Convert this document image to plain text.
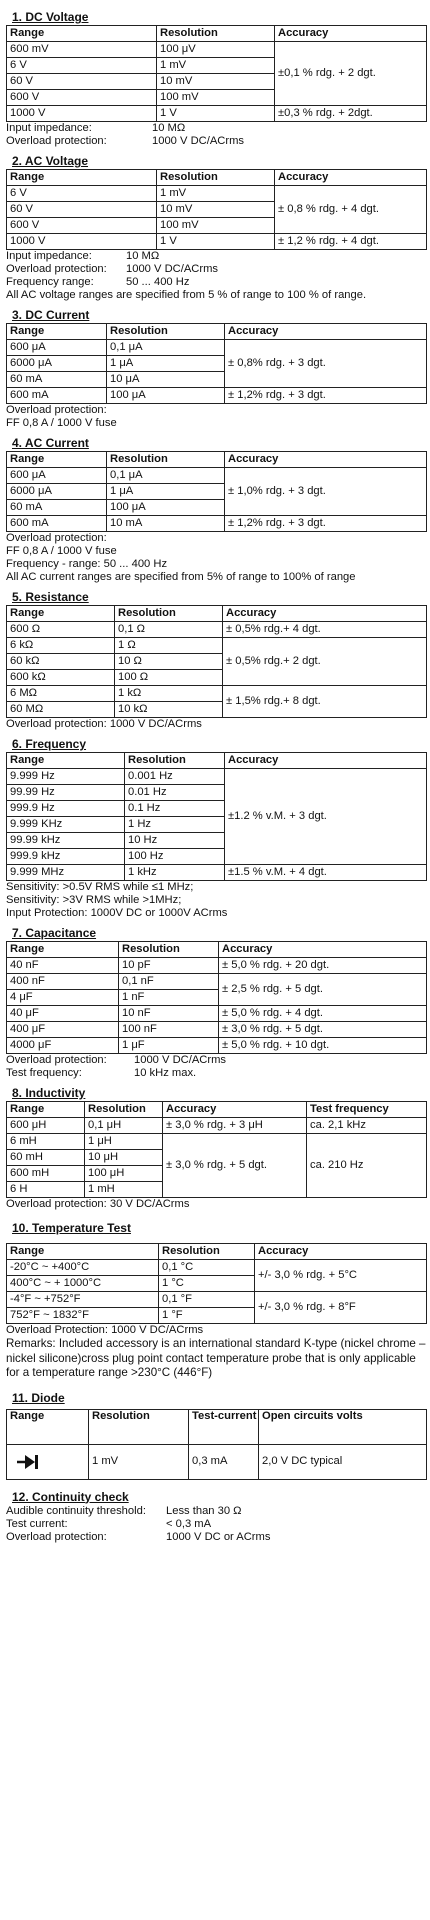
1. DC Voltage
Range	Resolution	Accuracy
600 mV	100 μV	±0,1 % rdg. + 2 dgt.
6 V	1 mV	
60 V	10 mV	
600 V	100 mV	
1000 V	1 V	±0,3 % rdg. + 2dgt.
Input impedance:	10 MΩ
Overload protection:	1000 V DC/ACrms
2. AC Voltage
Range	Resolution	Accuracy
6 V	1 mV	± 0,8 % rdg. + 4 dgt.
60 V	10 mV	
600 V	100 mV	
1000 V	1 V	± 1,2 % rdg. + 4 dgt.
Input impedance:	10 MΩ
Overload protection:	1000 V DC/ACrms
Frequency range:	50 ... 400 Hz

All AC voltage ranges are specified from 5 % of range to 100 % of range.

3. DC Current
Range	Resolution	Accuracy
600 μA	0,1 μA	± 0,8% rdg. + 3 dgt.
6000 μA	1 μA	
60 mA	10 μA	
600 mA	100 μA	± 1,2% rdg. + 3 dgt.

Overload protection:

FF 0,8 A / 1000 V fuse

4. AC Current
Range	Resolution	Accuracy
600 μA	0,1 μA	± 1,0% rdg. + 3 dgt.
6000 μA	1 μA	
60 mA	100 μA	
600 mA	10 mA	± 1,2% rdg. + 3 dgt.

Overload protection:

FF 0,8 A / 1000 V fuse

Frequency - range: 50 ... 400 Hz

All AC current ranges are specified from 5% of range to 100% of range

5. Resistance
Range	Resolution	Accuracy
600 Ω	0,1 Ω	± 0,5% rdg.+ 4 dgt.
6 kΩ	1 Ω	± 0,5% rdg.+ 2 dgt.
60 kΩ	10 Ω	
600 kΩ	100 Ω	
6 MΩ	1 kΩ	± 1,5% rdg.+ 8 dgt.
60 MΩ	10 kΩ	

Overload protection: 1000 V DC/ACrms

6. Frequency
Range	Resolution	Accuracy
9.999 Hz	0.001 Hz	±1.2 % v.M. + 3 dgt.
99.99 Hz	0.01 Hz	
999.9 Hz	0.1 Hz	
9.999 KHz	1 Hz	
99.99 kHz	10 Hz	
999.9 kHz	100 Hz	
9.999 MHz	1 kHz	±1.5 % v.M. + 4 dgt.

Sensitivity: >0.5V RMS while ≤1 MHz;

Sensitivity: >3V RMS while >1MHz;

Input Protection: 1000V DC or 1000V ACrms

7. Capacitance
Range	Resolution	Accuracy
40 nF	10 pF	± 5,0 % rdg. + 20 dgt.
400 nF	0,1 nF	± 2,5 % rdg. + 5 dgt.
4 μF	1 nF	
40 μF	10 nF	± 5,0 % rdg. + 4 dgt.
400 μF	100 nF	± 3,0 % rdg. + 5 dgt.
4000 μF	1 μF	± 5,0 % rdg. + 10 dgt.
Overload protection:	1000 V DC/ACrms
Test frequency:	10 kHz max.
8. Inductivity
Range	Resolution	Accuracy	Test frequency
600 μH	0,1 μH	± 3,0 % rdg. + 3 μH	ca. 2,1 kHz
6 mH	1 μH	± 3,0 % rdg. + 5 dgt.	ca. 210 Hz
60 mH	10 μH		
600 mH	100 μH		
6 H	1 mH		

Overload protection: 30 V DC/ACrms

10. Temperature Test
Range	Resolution	Accuracy
-20°C ~ +400°C	0,1 °C	+/- 3,0 % rdg. + 5°C
400°C ~ + 1000°C	1 °C	
-4°F ~ +752°F	0,1 °F	+/- 3,0 % rdg. + 8°F
752°F ~ 1832°F	1 °F	

Overload Protection: 1000 V DC/ACrms

Remarks: Included accessory is an international standard K-type (nickel chrome – nickel silicone)cross plug point contact temperature probe that is only applicable for a temperature range >230°C (446°F)

11. Diode
Range	Resolution	Test-current	Open circuits volts
	1 mV	0,3 mA	2,0 V DC typical
12. Continuity check
Audible continuity threshold:	Less than 30 Ω
Test current:	< 0,3 mA
Overload protection:	1000 V DC or ACrms
